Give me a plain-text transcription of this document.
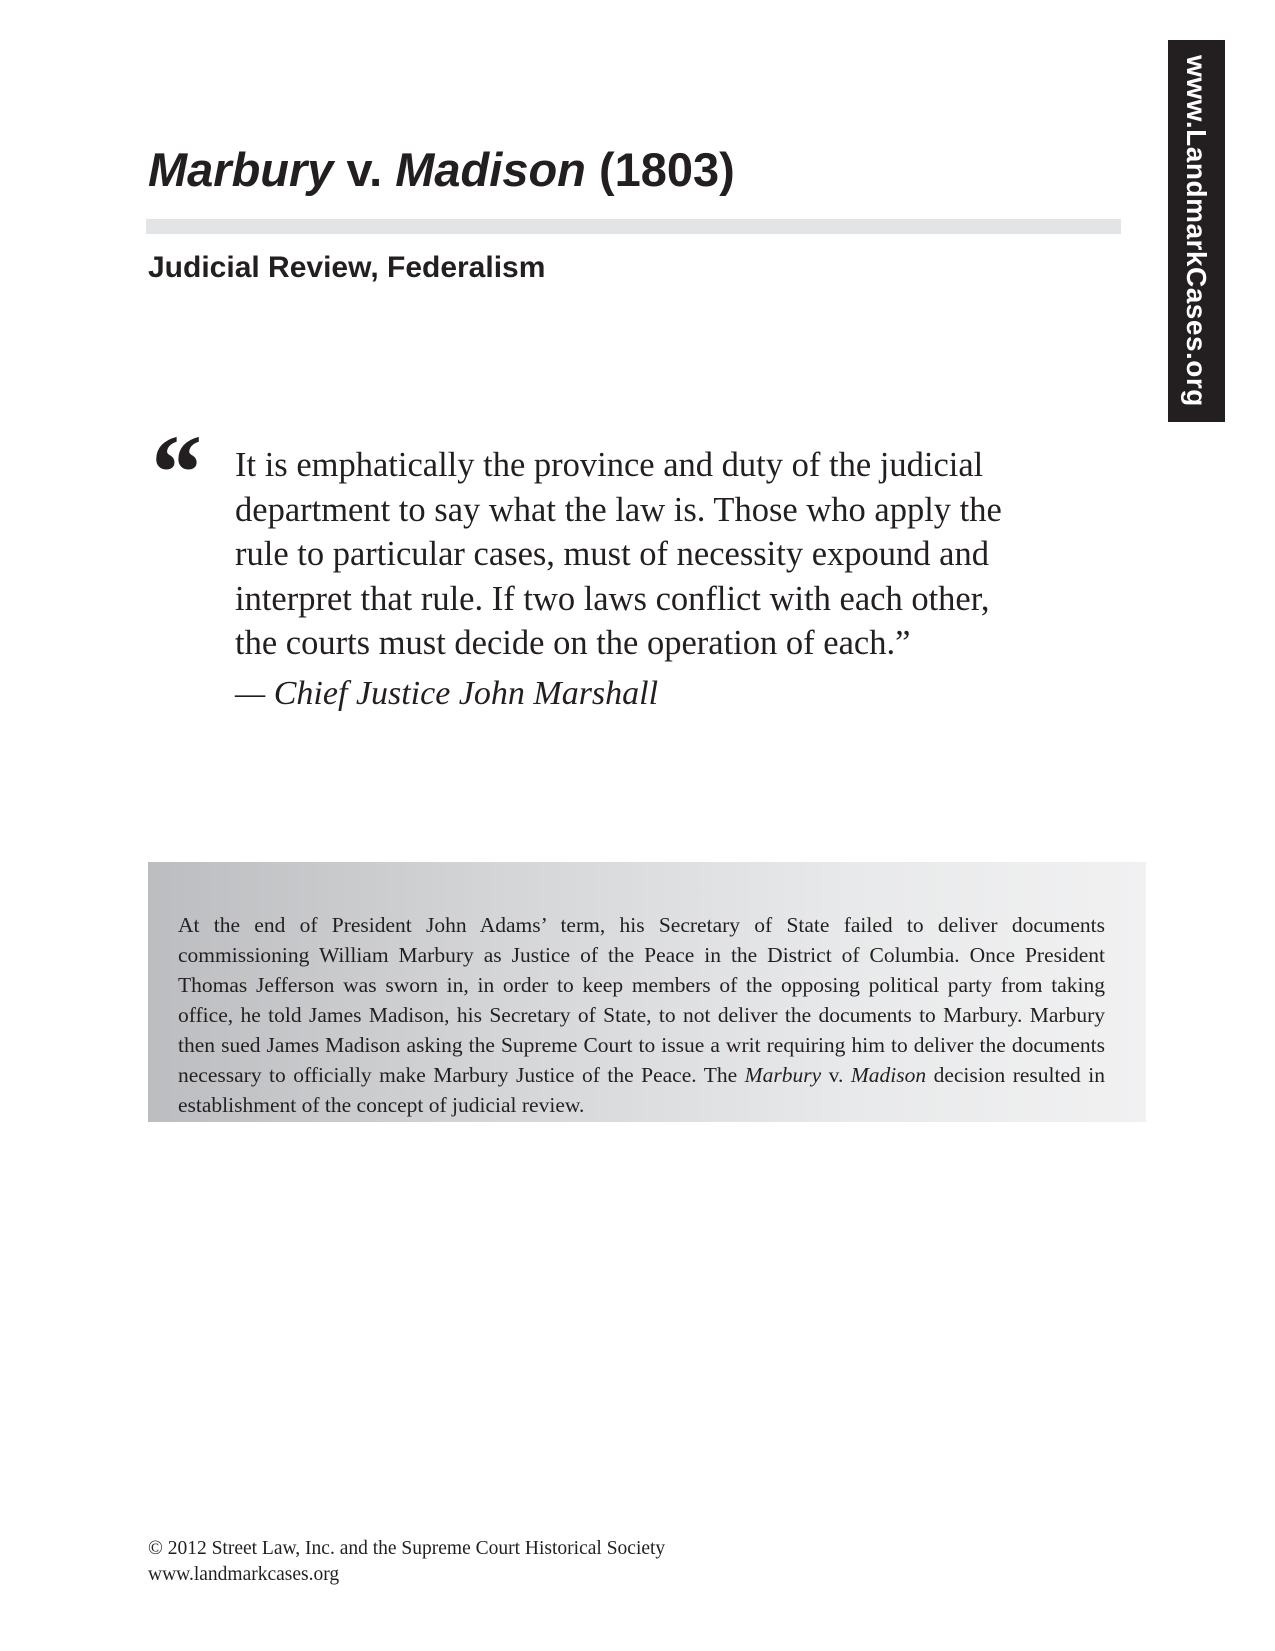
www.LandmarkCases.org
Marbury v. Madison (1803)
Judicial Review, Federalism
“ It is emphatically the province and duty of the judicial
department to say what the law is. Those who apply the
rule to particular cases, must of necessity expound and
interpret that rule. If two laws conflict with each other,
the courts must decide on the operation of each.”
— Chief Justice John Marshall

At the end of President John Adams’ term, his Secretary of State failed to deliver documents commissioning William Marbury as Justice of the Peace in the District of Columbia. Once President Thomas Jefferson was sworn in, in order to keep members of the opposing political party from taking office, he told James Madison, his Secretary of State, to not deliver the documents to Marbury. Marbury then sued James Madison asking the Supreme Court to issue a writ requiring him to deliver the documents necessary to officially make Marbury Justice of the Peace. The Marbury v. Madison decision resulted in establishment of the concept of judicial review.

© 2012 Street Law, Inc. and the Supreme Court Historical Society
www.landmarkcases.org
